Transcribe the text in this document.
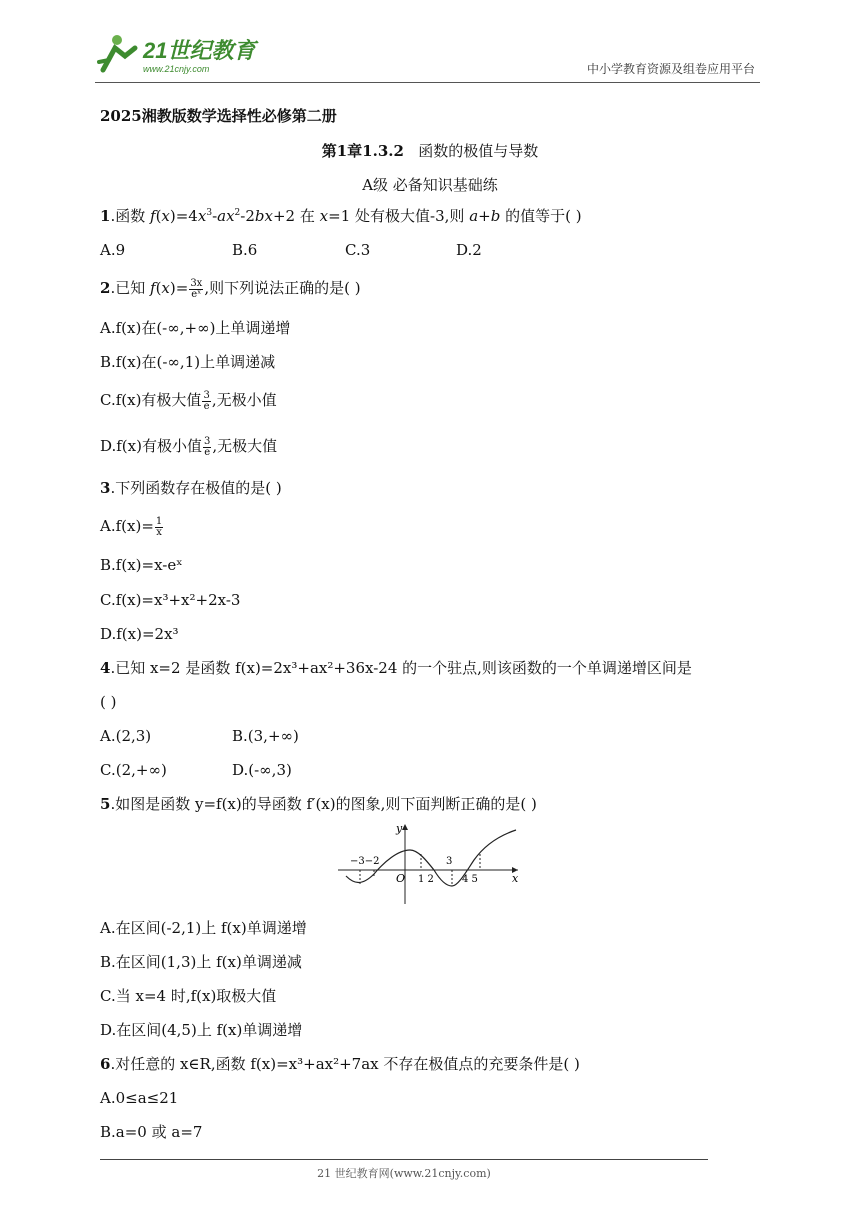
21世纪教育
www.21cnjy.com	中小学教育资源及组卷应用平台
2025湘教版数学选择性必修第二册
第1章1.3.2 函数的极值与导数
A级 必备知识基础练
1.函数 $f(x)=4x^3-ax^2-2bx+2$ 在 x=1 处有极大值-3,则 a+b 的值等于( )
A.9	B.6	C.3	D.2
2.已知 $f(x)= \frac{3x}{\text{eˣ}}$ ,则下列说法正确的是( )
A.f(x)在(-∞,+∞)上单调递增
B.f(x)在(-∞,1)上单调递减
C.f(x)有极大值 $\frac{3}{e}$ ,无极小值
D.f(x)有极小值 $\frac{3}{e}$ ,无极大值
3.下列函数存在极值的是( )
$A.f(x)= \frac{1}{x}$
B.f(x)=x-eˣ
C.f(x)=x³+x²+2x-3
D.f(x)=2x³
4.已知 x=2 是函数 f(x)=2x³+ax²+36x-24 的一个驻点,则该函数的一个单调递增区间是
( )
A.(2,3)	B.(3,+∞)
C.(2,+∞)	D.(-∞,3)
5.如图是函数 y=f(x)的导函数 f′(x)的图象,则下面判断正确的是( )
A.在区间(-2,1)上 f(x)单调递增
B.在区间(1,3)上 f(x)单调递减
C.当 x=4 时,f(x)取极大值
D.在区间(4,5)上 f(x)单调递增
6.对任意的 x∈R,函数 f(x)=x³+ax²+7ax 不存在极值点的充要条件是( )
A.0≤a≤21
B.a=0 或 a=7
y
x
O
−3−2
1 2
3
4 5
21 世纪教育网(www.21cnjy.com)
